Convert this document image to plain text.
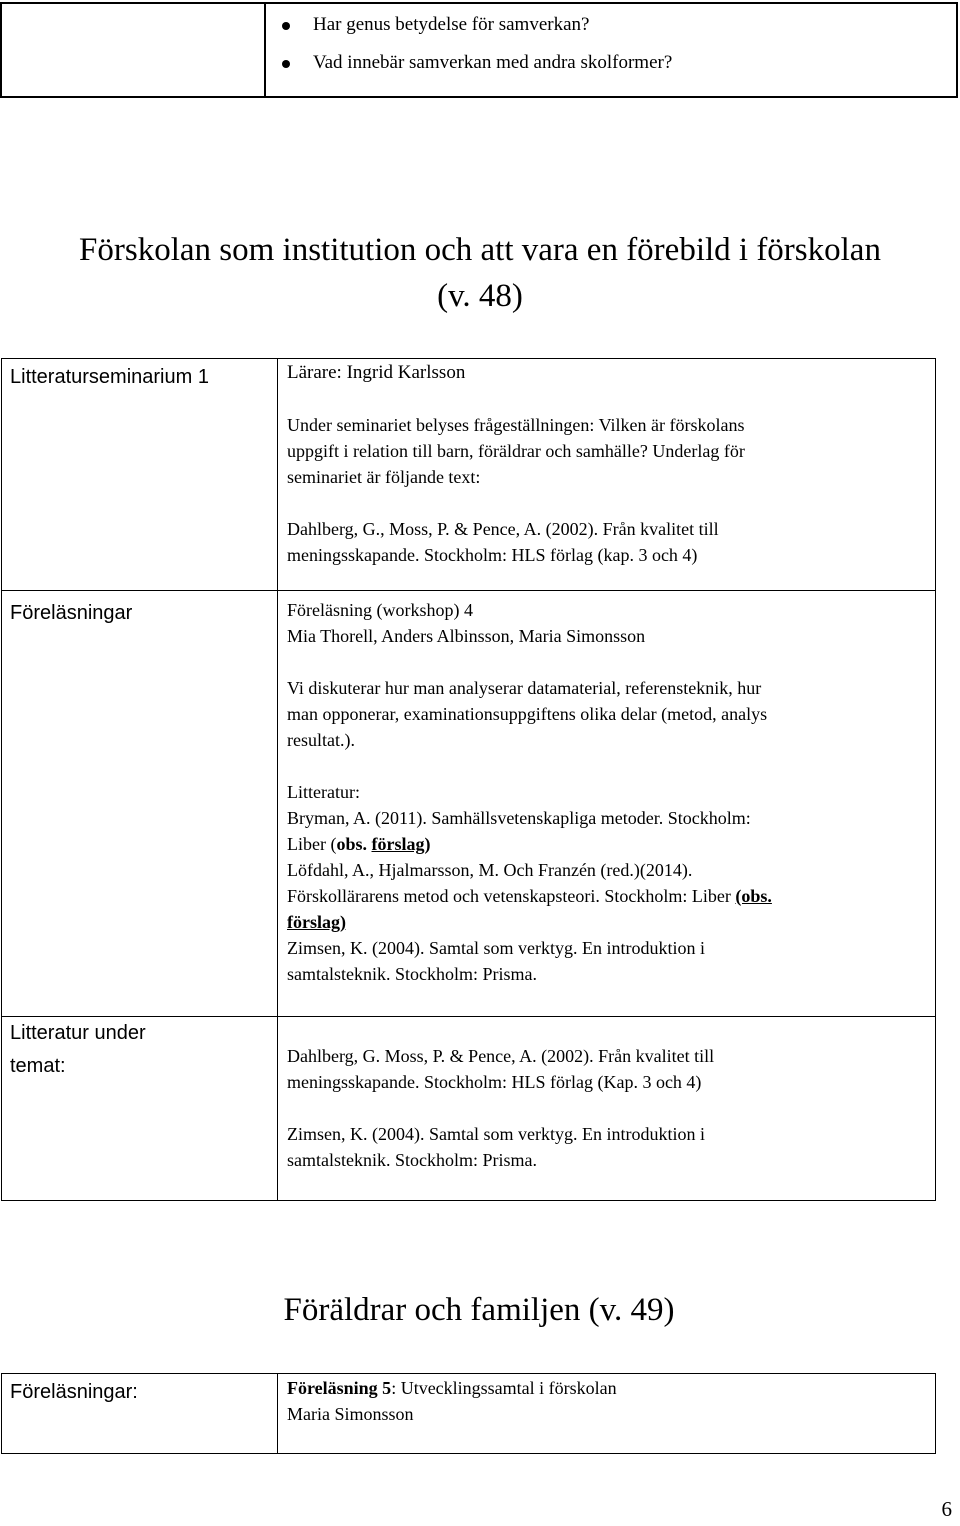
Har genus betydelse för samverkan?
Vad innebär samverkan med andra skolformer?
Förskolan som institution och att vara en förebild i förskolan
(v. 48)
Litteraturseminarium 1	Lärare: Ingrid Karlsson

Under seminariet belyses frågeställningen: Vilken är förskolans

uppgift i relation till barn, föräldrar och samhälle? Underlag för

seminariet är följande text:

Dahlberg, G., Moss, P. & Pence, A. (2002). Från kvalitet till

meningsskapande. Stockholm: HLS förlag (kap. 3 och 4)

Föreläsningar	Föreläsning (workshop) 4

Mia Thorell, Anders Albinsson, Maria Simonsson

Vi diskuterar hur man analyserar datamaterial, referensteknik, hur

man opponerar, examinationsuppgiftens olika delar (metod, analys

resultat.).

Litteratur:

Bryman, A. (2011). Samhällsvetenskapliga metoder. Stockholm:

Liber (obs. förslag)

Löfdahl, A., Hjalmarsson, M. Och Franzén (red.)(2014).

Förskollärarens metod och vetenskapsteori. Stockholm: Liber (obs.

förslag)

Zimsen, K. (2004). Samtal som verktyg. En introduktion i

samtalsteknik. Stockholm: Prisma.

Litteratur under
temat:	Dahlberg, G. Moss, P. & Pence, A. (2002). Från kvalitet till

meningsskapande. Stockholm: HLS förlag (Kap. 3 och 4)

Zimsen, K. (2004). Samtal som verktyg. En introduktion i

samtalsteknik. Stockholm: Prisma.

Föräldrar och familjen (v. 49)
Föreläsningar:	Föreläsning 5: Utvecklingssamtal i förskolan

Maria Simonsson

6
